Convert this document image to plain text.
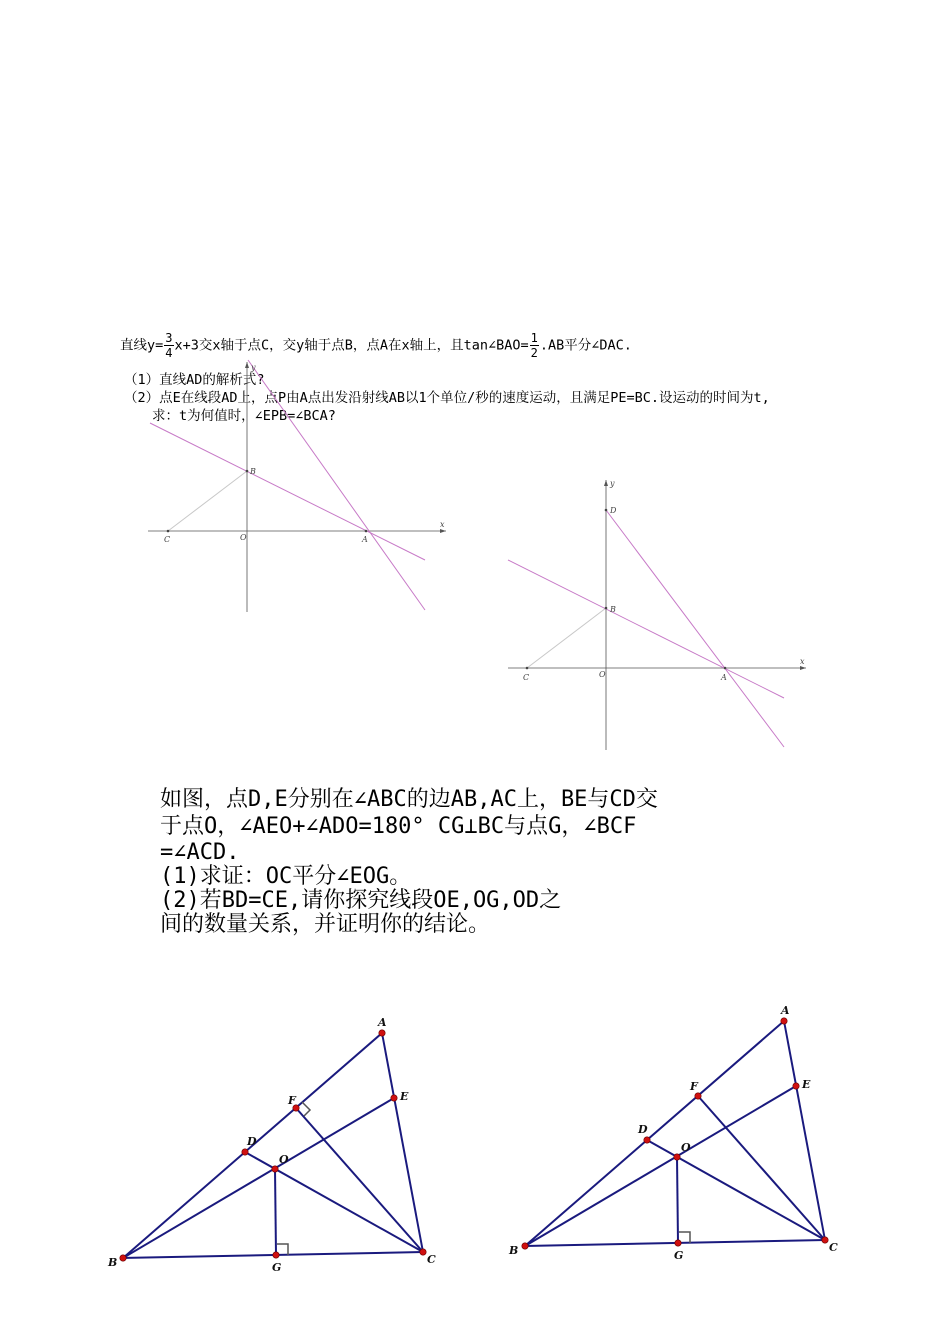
直线$y= \frac{3}{4} x+3$交x轴于点C，交y轴于点B，点A在x轴上，且tan∠BAO= $\frac{1}{2} .AB$平分∠DAC.
（1）直线AD的解析式?
（2）点E在线段AD上，点P由A点出发沿射线AB以1个单位/秒的速度运动，且满足PE=BC.设运动的时间为t,
求：t为何值时，∠EPB=∠BCA?
如图，点D,E分别在∠ABC的边AB,AC上，BE与CD交
于点O，∠AEO+∠ADO=180° CG⊥BC与点G，∠BCF
=∠ACD.
(1)求证：OC平分∠EOG。
(2)若BD=CE,请你探究线段OE,OG,OD之
间的数量关系，并证明你的结论。
B
C	O	A
x
y
D
B
C	O	A
x
y
A
F	E
D
O
B	G
C
A
F	E
D
O
B	G
C
